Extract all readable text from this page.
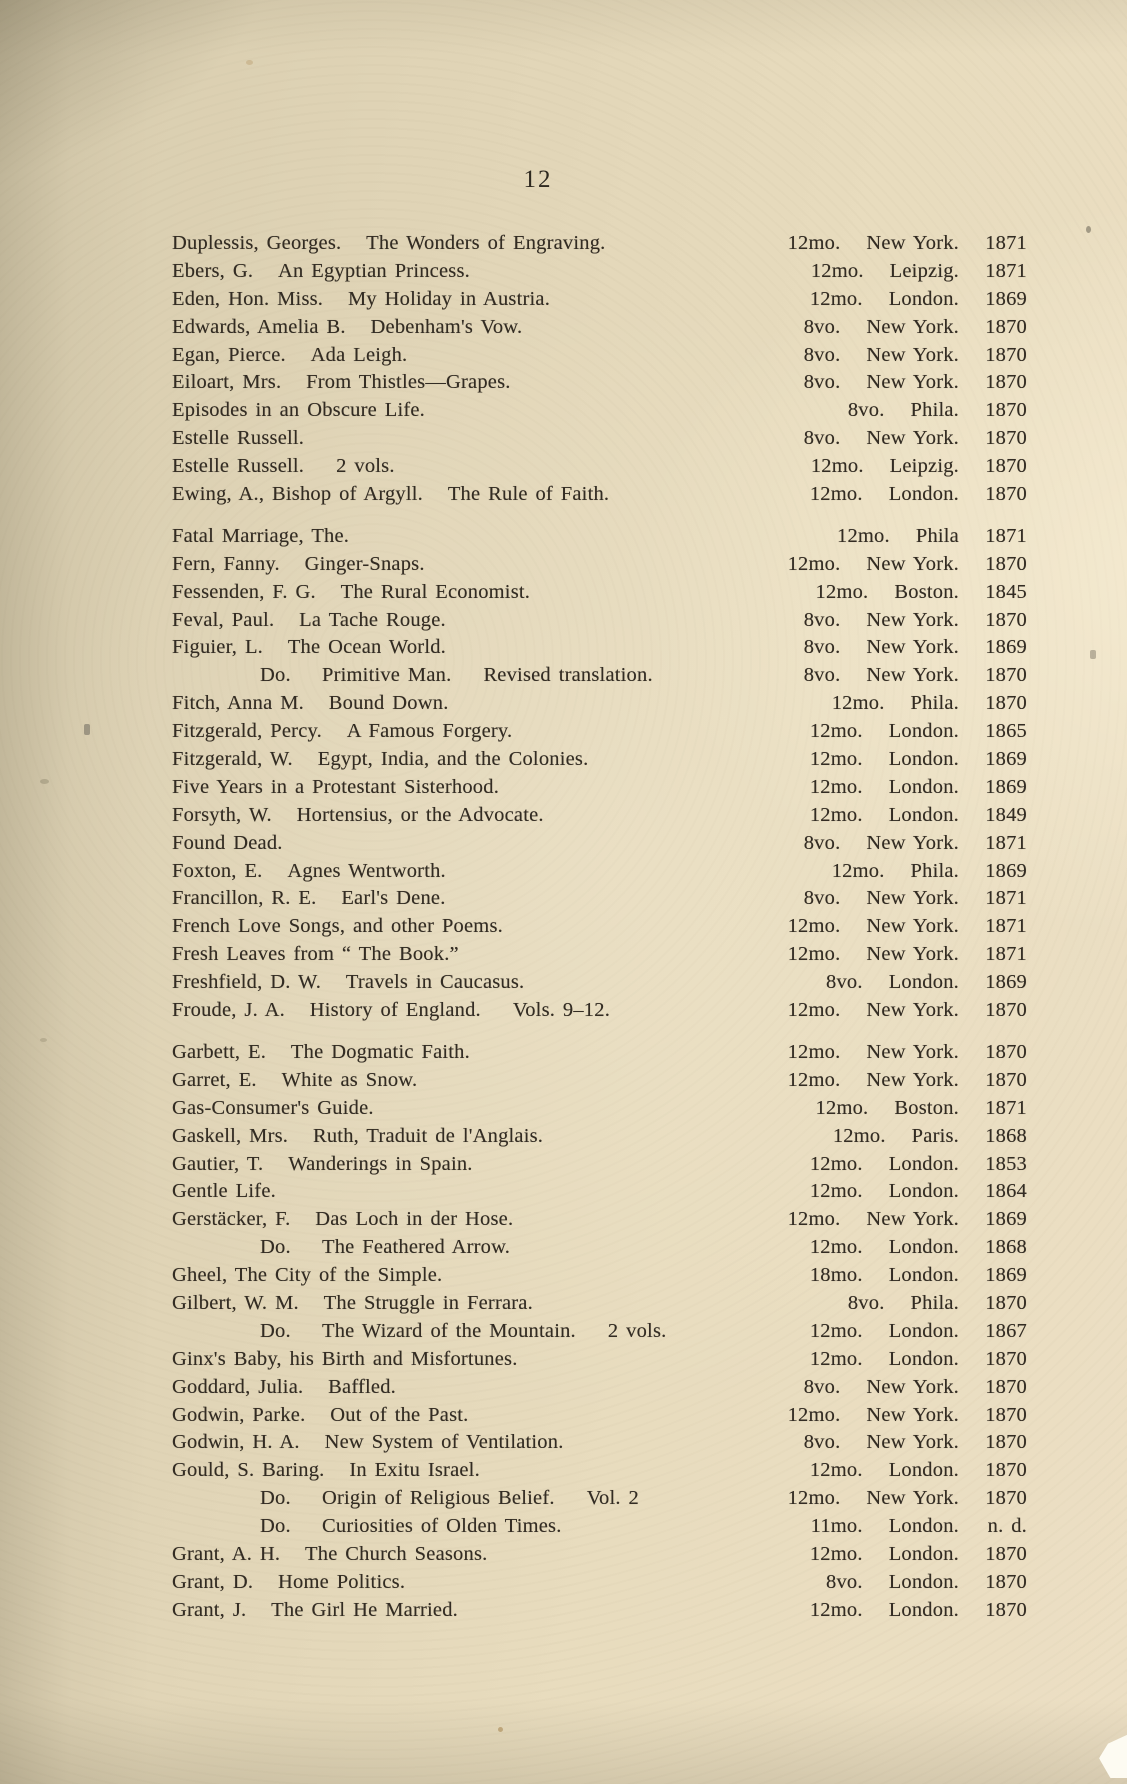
12
Duplessis, Georges. The Wonders of Engraving.	12mo. New York.	1871
Ebers, G. An Egyptian Princess.	12mo. Leipzig.	1871
Eden, Hon. Miss. My Holiday in Austria.	12mo. London.	1869
Edwards, Amelia B. Debenham's Vow.	8vo. New York.	1870
Egan, Pierce. Ada Leigh.	8vo. New York.	1870
Eiloart, Mrs. From Thistles—Grapes.	8vo. New York.	1870
Episodes in an Obscure Life.	8vo. Phila.	1870
Estelle Russell.	8vo. New York.	1870
Estelle Russell. 2 vols.	12mo. Leipzig.	1870
Ewing, A., Bishop of Argyll. The Rule of Faith.	12mo. London.	1870
Fatal Marriage, The.	12mo. Phila	1871
Fern, Fanny. Ginger-Snaps.	12mo. New York.	1870
Fessenden, F. G. The Rural Economist.	12mo. Boston.	1845
Feval, Paul. La Tache Rouge.	8vo. New York.	1870
Figuier, L. The Ocean World.	8vo. New York.	1869
Do. Primitive Man. Revised translation.	8vo. New York.	1870
Fitch, Anna M. Bound Down.	12mo. Phila.	1870
Fitzgerald, Percy. A Famous Forgery.	12mo. London.	1865
Fitzgerald, W. Egypt, India, and the Colonies.	12mo. London.	1869
Five Years in a Protestant Sisterhood.	12mo. London.	1869
Forsyth, W. Hortensius, or the Advocate.	12mo. London.	1849
Found Dead.	8vo. New York.	1871
Foxton, E. Agnes Wentworth.	12mo. Phila.	1869
Francillon, R. E. Earl's Dene.	8vo. New York.	1871
French Love Songs, and other Poems.	12mo. New York.	1871
Fresh Leaves from “ The Book.”	12mo. New York.	1871
Freshfield, D. W. Travels in Caucasus.	8vo. London.	1869
Froude, J. A. History of England. Vols. 9–12.	12mo. New York.	1870
Garbett, E. The Dogmatic Faith.	12mo. New York.	1870
Garret, E. White as Snow.	12mo. New York.	1870
Gas-Consumer's Guide.	12mo. Boston.	1871
Gaskell, Mrs. Ruth, Traduit de l'Anglais.	12mo. Paris.	1868
Gautier, T. Wanderings in Spain.	12mo. London.	1853
Gentle Life.	12mo. London.	1864
Gerstäcker, F. Das Loch in der Hose.	12mo. New York.	1869
Do. The Feathered Arrow.	12mo. London.	1868
Gheel, The City of the Simple.	18mo. London.	1869
Gilbert, W. M. The Struggle in Ferrara.	8vo. Phila.	1870
Do. The Wizard of the Mountain. 2 vols.	12mo. London.	1867
Ginx's Baby, his Birth and Misfortunes.	12mo. London.	1870
Goddard, Julia. Baffled.	8vo. New York.	1870
Godwin, Parke. Out of the Past.	12mo. New York.	1870
Godwin, H. A. New System of Ventilation.	8vo. New York.	1870
Gould, S. Baring. In Exitu Israel.	12mo. London.	1870
Do. Origin of Religious Belief. Vol. 2	12mo. New York.	1870
Do. Curiosities of Olden Times.	11mo. London.	n. d.
Grant, A. H. The Church Seasons.	12mo. London.	1870
Grant, D. Home Politics.	8vo. London.	1870
Grant, J. The Girl He Married.	12mo. London.	1870
